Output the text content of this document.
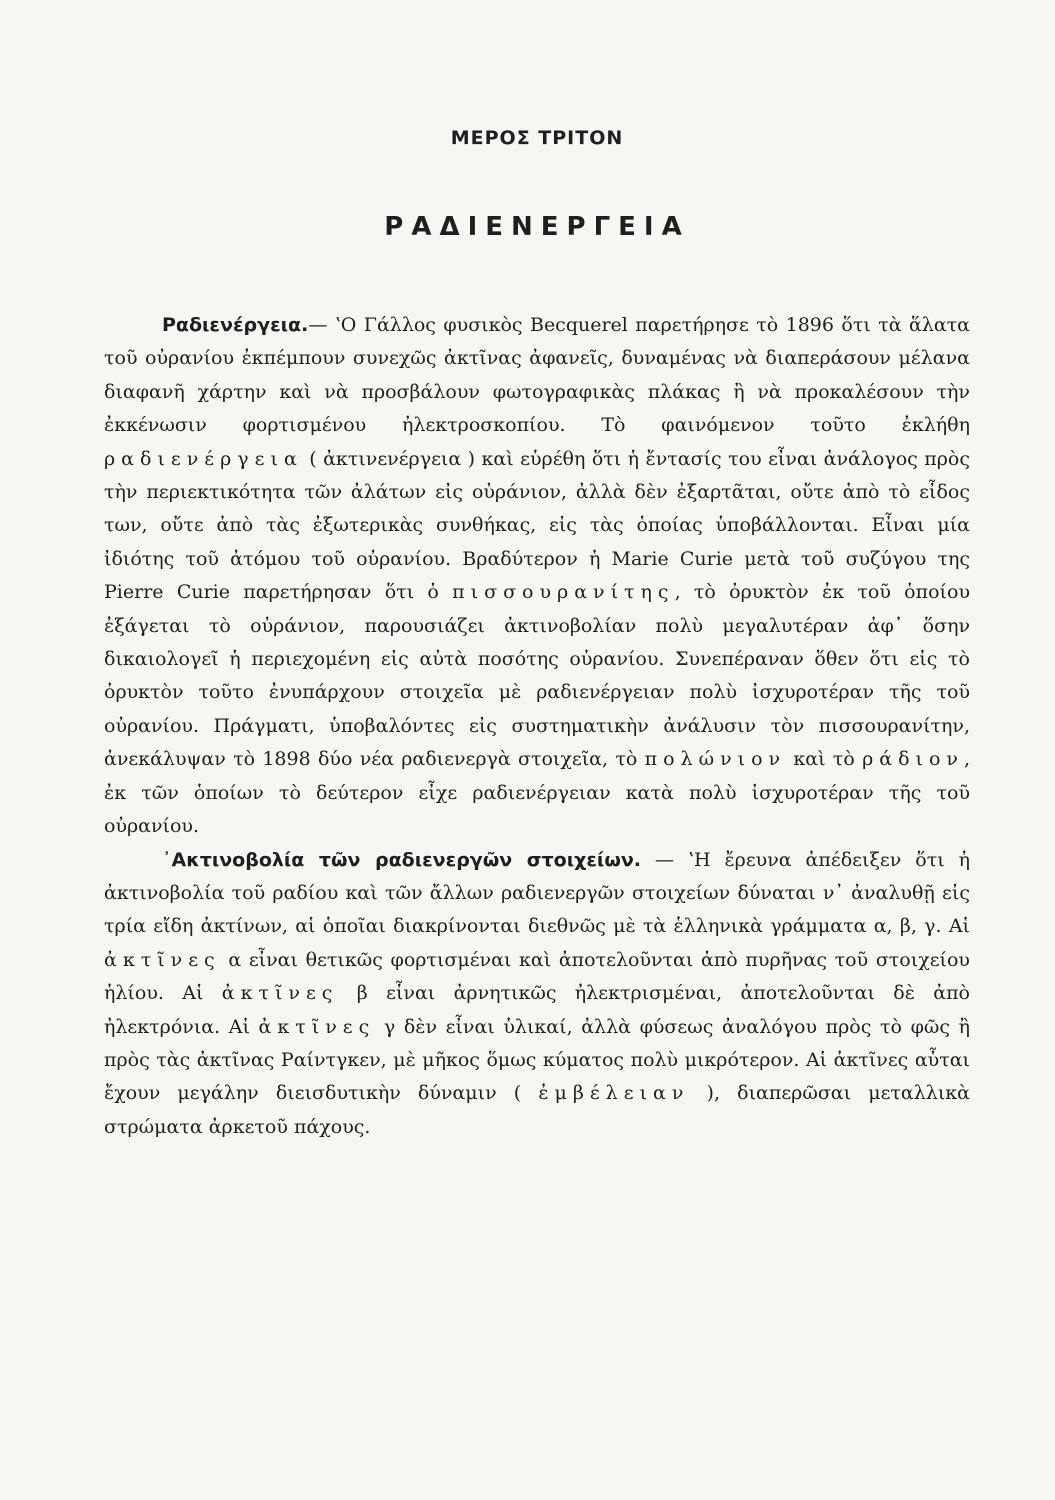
ΜΕΡΟΣ ΤΡΙΤΟΝ
ΡΑΔΙΕΝΕΡΓΕΙΑ

Ραδιενέργεια.— ʽΟ Γάλλος φυσικὸς Becquerel παρετήρησε τὸ 1896 ὅτι τὰ ἅλατα τοῦ οὐρανίου ἐκπέμπουν συνεχῶς ἀκτῖνας ἀφανεῖς, δυναμένας νὰ διαπεράσουν μέλανα διαφανῆ χάρτην καὶ νὰ προσβάλουν φωτογραφικὰς πλάκας ἢ νὰ προκαλέσουν τὴν ἐκκένωσιν φορτισμένου ἠλεκτροσκοπίου. Τὸ φαινόμενον τοῦτο ἐκλήθη ραδιενέργεια ( ἀκτινενέργεια ) καὶ εὑρέθη ὅτι ἡ ἔντασίς του εἶναι ἀνάλογος πρὸς τὴν περιεκτικότητα τῶν ἀλάτων εἰς οὐράνιον, ἀλλὰ δὲν ἐξαρτᾶται, οὔτε ἀπὸ τὸ εἶδος των, οὔτε ἀπὸ τὰς ἐξωτερικὰς συνθήκας, εἰς τὰς ὁποίας ὑποβάλλονται. Εἶναι μία ἰδιότης τοῦ ἀτόμου τοῦ οὐρανίου. Βραδύτερον ἡ Marie Curie μετὰ τοῦ συζύγου της Pierre Curie παρετήρησαν ὅτι ὁ πισσουρανίτης, τὸ ὀρυκτὸν ἐκ τοῦ ὁποίου ἐξάγεται τὸ οὐράνιον, παρουσιάζει ἀκτινοβολίαν πολὺ μεγαλυτέραν ἀφ᾽ ὅσην δικαιολογεῖ ἡ περιεχομένη εἰς αὐτὰ ποσότης οὐρανίου. Συνεπέραναν ὅθεν ὅτι εἰς τὸ ὀρυκτὸν τοῦτο ἐνυπάρχουν στοιχεῖα μὲ ραδιενέργειαν πολὺ ἰσχυροτέραν τῆς τοῦ οὐρανίου. Πράγματι, ὑποβαλόντες εἰς συστηματικὴν ἀνάλυσιν τὸν πισσουρανίτην, ἀνεκάλυψαν τὸ 1898 δύο νέα ραδιενεργὰ στοιχεῖα, τὸ πολώνιον καὶ τὸ ράδιον, ἐκ τῶν ὁποίων τὸ δεύτερον εἶχε ραδιενέργειαν κατὰ πολὺ ἰσχυροτέραν τῆς τοῦ οὐρανίου.

᾽Ακτινοβολία τῶν ραδιενεργῶν στοιχείων. — ʽΗ ἔρευνα ἀπέδειξεν ὅτι ἡ ἀκτινοβολία τοῦ ραδίου καὶ τῶν ἄλλων ραδιενεργῶν στοιχείων δύναται ν᾽ ἀναλυθῇ εἰς τρία εἴδη ἀκτίνων, αἱ ὁποῖαι διακρίνονται διεθνῶς μὲ τὰ ἑλληνικὰ γράμματα α, β, γ. Αἱ ἀκτῖνες α εἶναι θετικῶς φορτισμέναι καὶ ἀποτελοῦνται ἀπὸ πυρῆνας τοῦ στοιχείου ἡλίου. Αἱ ἀκτῖνες β εἶναι ἀρνητικῶς ἠλεκτρισμέναι, ἀποτελοῦνται δὲ ἀπὸ ἠλεκτρόνια. Αἱ ἀκτῖνες γ δὲν εἶναι ὑλικαί, ἀλλὰ φύσεως ἀναλόγου πρὸς τὸ φῶς ἢ πρὸς τὰς ἀκτῖνας Ραίντγκεν, μὲ μῆκος ὅμως κύματος πολὺ μικρότερον. Αἱ ἀκτῖνες αὗται ἔχουν μεγάλην διεισδυτικὴν δύναμιν ( ἐμβέλειαν ), διαπερῶσαι μεταλλικὰ στρώματα ἀρκετοῦ πάχους.
